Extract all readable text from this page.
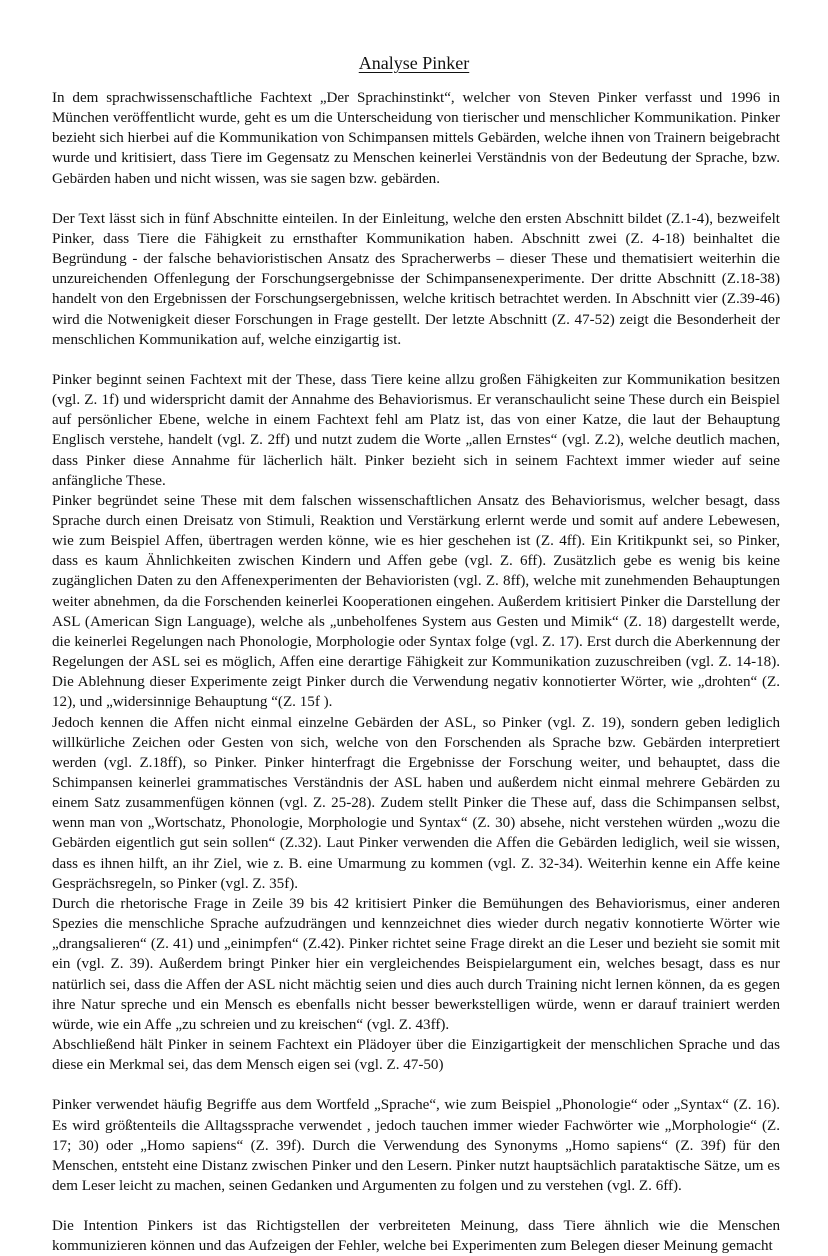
Analyse Pinker

In dem sprachwissenschaftliche Fachtext „Der Sprachinstinkt“, welcher von Steven Pinker verfasst und 1996 in München veröffentlicht wurde, geht es um die Unterscheidung von tierischer und menschlicher Kommunikation. Pinker bezieht sich hierbei auf die Kommunikation von Schimpansen mittels Gebärden, welche ihnen von Trainern beigebracht wurde und kritisiert, dass Tiere im Gegensatz zu Menschen keinerlei Verständnis von der Bedeutung der Sprache, bzw. Gebärden haben und nicht wissen, was sie sagen bzw. gebärden.

Der Text lässt sich in fünf Abschnitte einteilen. In der Einleitung, welche den ersten Abschnitt bildet (Z.1-4), bezweifelt Pinker, dass Tiere die Fähigkeit zu ernsthafter Kommunikation haben. Abschnitt zwei (Z. 4-18) beinhaltet die Begründung - der falsche behavioristischen Ansatz des Spracherwerbs – dieser These und thematisiert weiterhin die unzureichenden Offenlegung der Forschungsergebnisse der Schimpansenexperimente. Der dritte Abschnitt (Z.18-38) handelt von den Ergebnissen der Forschungsergebnissen, welche kritisch betrachtet werden. In Abschnitt vier (Z.39-46) wird die Notwenigkeit dieser Forschungen in Frage gestellt. Der letzte Abschnitt (Z. 47-52) zeigt die Besonderheit der menschlichen Kommunikation auf, welche einzigartig ist.

Pinker beginnt seinen Fachtext mit der These, dass Tiere keine allzu großen Fähigkeiten zur Kommunikation besitzen (vgl. Z. 1f) und widerspricht damit der Annahme des Behaviorismus. Er veranschaulicht seine These durch ein Beispiel auf persönlicher Ebene, welche in einem Fachtext fehl am Platz ist, das von einer Katze, die laut der Behauptung Englisch verstehe, handelt (vgl. Z. 2ff) und nutzt zudem die Worte „allen Ernstes“ (vgl. Z.2), welche deutlich machen, dass Pinker diese Annahme für lächerlich hält. Pinker bezieht sich in seinem Fachtext immer wieder auf seine anfängliche These.

Pinker begründet seine These mit dem falschen wissenschaftlichen Ansatz des Behaviorismus, welcher besagt, dass Sprache durch einen Dreisatz von Stimuli, Reaktion und Verstärkung erlernt werde und somit auf andere Lebewesen, wie zum Beispiel Affen, übertragen werden könne, wie es hier geschehen ist (Z. 4ff). Ein Kritikpunkt sei, so Pinker, dass es kaum Ähnlichkeiten zwischen Kindern und Affen gebe (vgl. Z. 6ff). Zusätzlich gebe es wenig bis keine zugänglichen Daten zu den Affenexperimenten der Behavioristen (vgl. Z. 8ff), welche mit zunehmenden Behauptungen weiter abnehmen, da die Forschenden keinerlei Kooperationen eingehen. Außerdem kritisiert Pinker die Darstellung der ASL (American Sign Language), welche als „unbeholfenes System aus Gesten und Mimik“ (Z. 18) dargestellt werde, die keinerlei Regelungen nach Phonologie, Morphologie oder Syntax folge (vgl. Z. 17). Erst durch die Aberkennung der Regelungen der ASL sei es möglich, Affen eine derartige Fähigkeit zur Kommunikation zuzuschreiben (vgl. Z. 14-18). Die Ablehnung dieser Experimente zeigt Pinker durch die Verwendung negativ konnotierter Wörter, wie „drohten“ (Z. 12), und „widersinnige Behauptung “(Z. 15f ).

Jedoch kennen die Affen nicht einmal einzelne Gebärden der ASL, so Pinker (vgl. Z. 19), sondern geben lediglich willkürliche Zeichen oder Gesten von sich, welche von den Forschenden als Sprache bzw. Gebärden interpretiert werden (vgl. Z.18ff), so Pinker. Pinker hinterfragt die Ergebnisse der Forschung weiter, und behauptet, dass die Schimpansen keinerlei grammatisches Verständnis der ASL haben und außerdem nicht einmal mehrere Gebärden zu einem Satz zusammenfügen können (vgl. Z. 25-28). Zudem stellt Pinker die These auf, dass die Schimpansen selbst, wenn man von „Wortschatz, Phonologie, Morphologie und Syntax“ (Z. 30) absehe, nicht verstehen würden „wozu die Gebärden eigentlich gut sein sollen“ (Z.32). Laut Pinker verwenden die Affen die Gebärden lediglich, weil sie wissen, dass es ihnen hilft, an ihr Ziel, wie z. B. eine Umarmung zu kommen (vgl. Z. 32-34). Weiterhin kenne ein Affe keine Gesprächsregeln, so Pinker (vgl. Z. 35f).

Durch die rhetorische Frage in Zeile 39 bis 42 kritisiert Pinker die Bemühungen des Behaviorismus, einer anderen Spezies die menschliche Sprache aufzudrängen und kennzeichnet dies wieder durch negativ konnotierte Wörter wie „drangsalieren“ (Z. 41) und „einimpfen“ (Z.42). Pinker richtet seine Frage direkt an die Leser und bezieht sie somit mit ein (vgl. Z. 39). Außerdem bringt Pinker hier ein vergleichendes Beispielargument ein, welches besagt, dass es nur natürlich sei, dass die Affen der ASL nicht mächtig seien und dies auch durch Training nicht lernen können, da es gegen ihre Natur spreche und ein Mensch es ebenfalls nicht besser bewerkstelligen würde, wenn er darauf trainiert werden würde, wie ein Affe „zu schreien und zu kreischen“ (vgl. Z. 43ff).

Abschließend hält Pinker in seinem Fachtext ein Plädoyer über die Einzigartigkeit der menschlichen Sprache und das diese ein Merkmal sei, das dem Mensch eigen sei (vgl. Z. 47-50)

Pinker verwendet häufig Begriffe aus dem Wortfeld „Sprache“, wie zum Beispiel „Phonologie“ oder „Syntax“ (Z. 16). Es wird größtenteils die Alltagssprache verwendet , jedoch tauchen immer wieder Fachwörter wie „Morphologie“ (Z. 17; 30) oder „Homo sapiens“ (Z. 39f). Durch die Verwendung des Synonyms „Homo sapiens“ (Z. 39f) für den Menschen, entsteht eine Distanz zwischen Pinker und den Lesern. Pinker nutzt hauptsächlich parataktische Sätze, um es dem Leser leicht zu machen, seinen Gedanken und Argumenten zu folgen und zu verstehen (vgl. Z. 6ff).

Die Intention Pinkers ist das Richtigstellen der verbreiteten Meinung, dass Tiere ähnlich wie die Menschen kommunizieren können und das Aufzeigen der Fehler, welche bei Experimenten zum Belegen dieser Meinung gemacht
